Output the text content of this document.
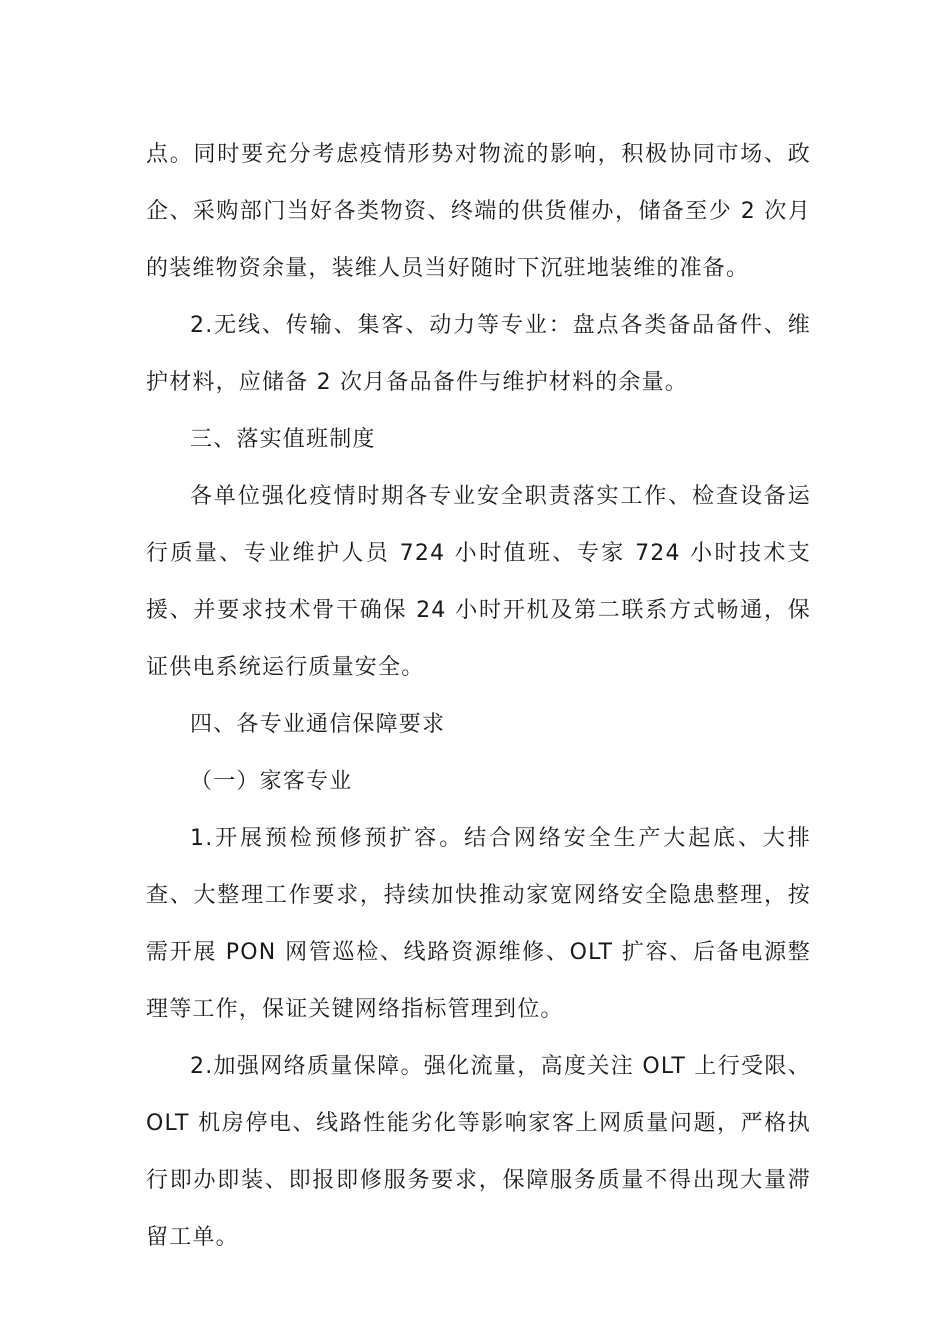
点。同时要充分考虑疫情形势对物流的影响，积极协同市场、政企、采购部门当好各类物资、终端的供货催办，储备至少 2 次月的装维物资余量，装维人员当好随时下沉驻地装维的准备。

2.无线、传输、集客、动力等专业：盘点各类备品备件、维护材料，应储备 2 次月备品备件与维护材料的余量。

三、落实值班制度

各单位强化疫情时期各专业安全职责落实工作、检查设备运行质量、专业维护人员 724 小时值班、专家 724 小时技术支援、并要求技术骨干确保 24 小时开机及第二联系方式畅通，保证供电系统运行质量安全。

四、各专业通信保障要求

（一）家客专业

1.开展预检预修预扩容。结合网络安全生产大起底、大排查、大整理工作要求，持续加快推动家宽网络安全隐患整理，按需开展 PON 网管巡检、线路资源维修、OLT 扩容、后备电源整理等工作，保证关键网络指标管理到位。

2.加强网络质量保障。强化流量，高度关注 OLT 上行受限、OLT 机房停电、线路性能劣化等影响家客上网质量问题，严格执行即办即装、即报即修服务要求，保障服务质量不得出现大量滞留工单。
